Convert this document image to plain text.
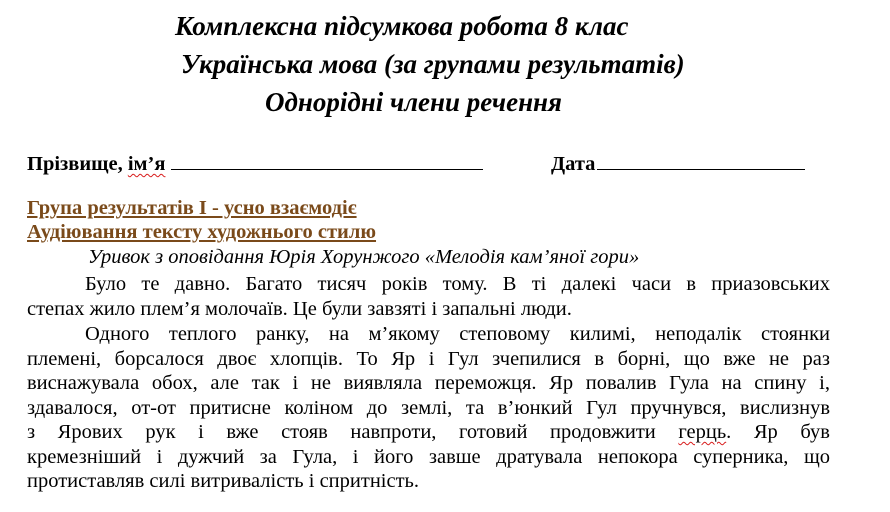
Комплексна підсумкова робота 8 клас
Українська мова (за групами результатів)
Однорідні члени речення
Прізвище, ім’я	Дата
Група результатів І - усно взаємодіє
Аудіювання тексту художнього стилю
Уривок з оповідання Юрія Хорунжого «Мелодія кам’яної гори»
Було те давно. Багато тисяч років тому. В ті далекі часи в приазовських
степах жило плем’я молочаїв. Це були завзяті і запальні люди.
Одного теплого ранку, на м’якому степовому килимі, неподалік стоянки
племені, борсалося двоє хлопців. То Яр і Гул зчепилися в борні, що вже не раз
виснажувала обох, але так і не виявляла переможця. Яр повалив Гула на спину і,
здавалося, от-от притисне коліном до землі, та в’юнкий Гул пручнувся, вислизнув
з Ярових рук і вже стояв навпроти, готовий продовжити герць. Яр був
кремезніший і дужчий за Гула, і його завше дратувала непокора суперника, що
протиставляв силі витривалість і спритність.
